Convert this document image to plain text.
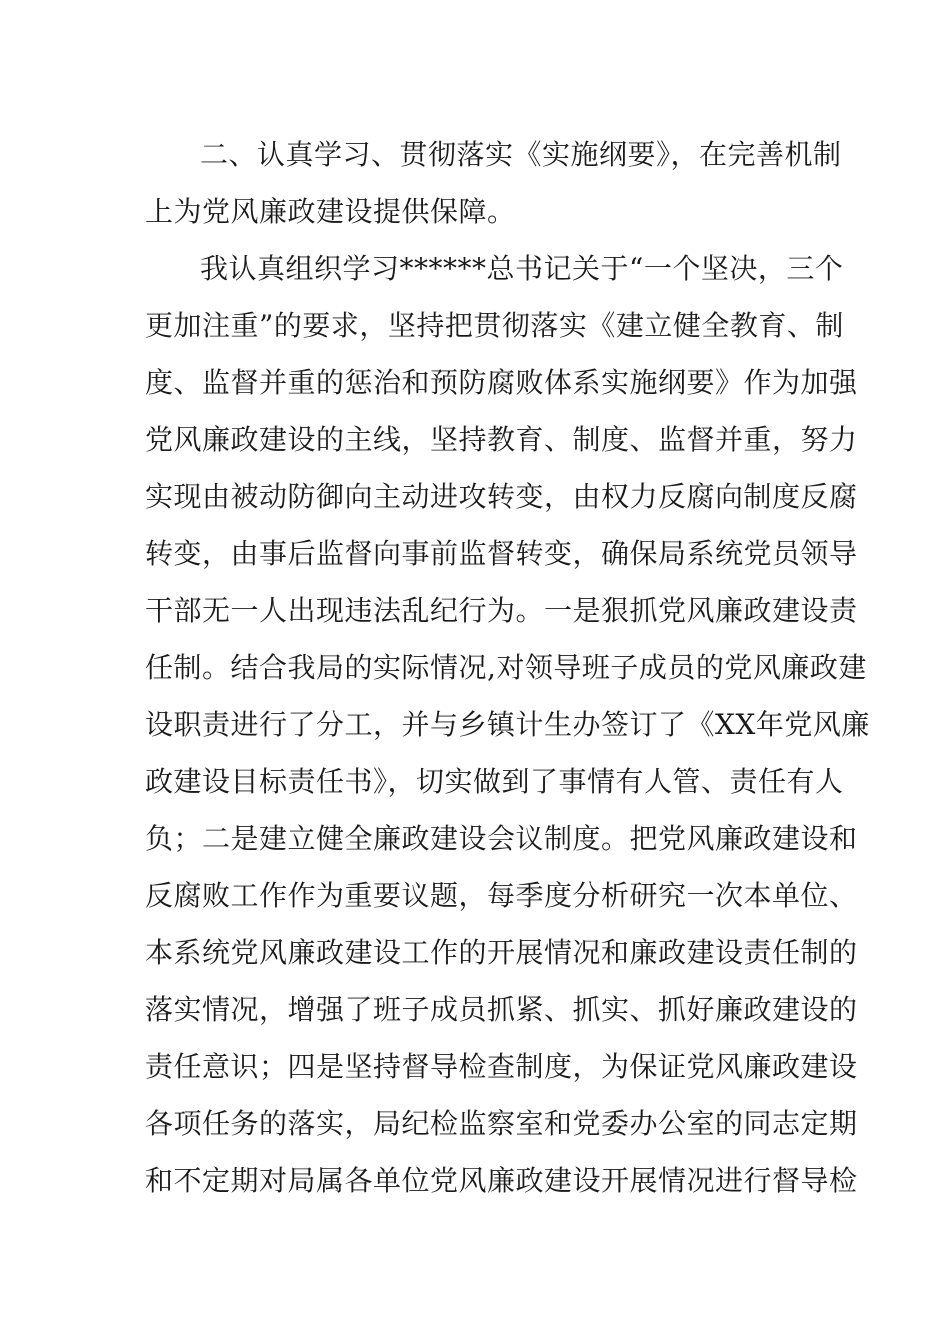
二、认真学习、贯彻落实《实施纲要》，在完善机制
上为党风廉政建设提供保障。
我认真组织学习******总书记关于“一个坚决，三个
更加注重”的要求，坚持把贯彻落实《建立健全教育、制
度、监督并重的惩治和预防腐败体系实施纲要》作为加强
党风廉政建设的主线，坚持教育、制度、监督并重，努力
实现由被动防御向主动进攻转变，由权力反腐向制度反腐
转变，由事后监督向事前监督转变，确保局系统党员领导
干部无一人出现违法乱纪行为。一是狠抓党风廉政建设责
任制。结合我局的实际情况,对领导班子成员的党风廉政建
设职责进行了分工，并与乡镇计生办签订了《XX年党风廉
政建设目标责任书》，切实做到了事情有人管、责任有人
负；二是建立健全廉政建设会议制度。把党风廉政建设和
反腐败工作作为重要议题，每季度分析研究一次本单位、
本系统党风廉政建设工作的开展情况和廉政建设责任制的
落实情况，增强了班子成员抓紧、抓实、抓好廉政建设的
责任意识；四是坚持督导检查制度，为保证党风廉政建设
各项任务的落实，局纪检监察室和党委办公室的同志定期
和不定期对局属各单位党风廉政建设开展情况进行督导检
